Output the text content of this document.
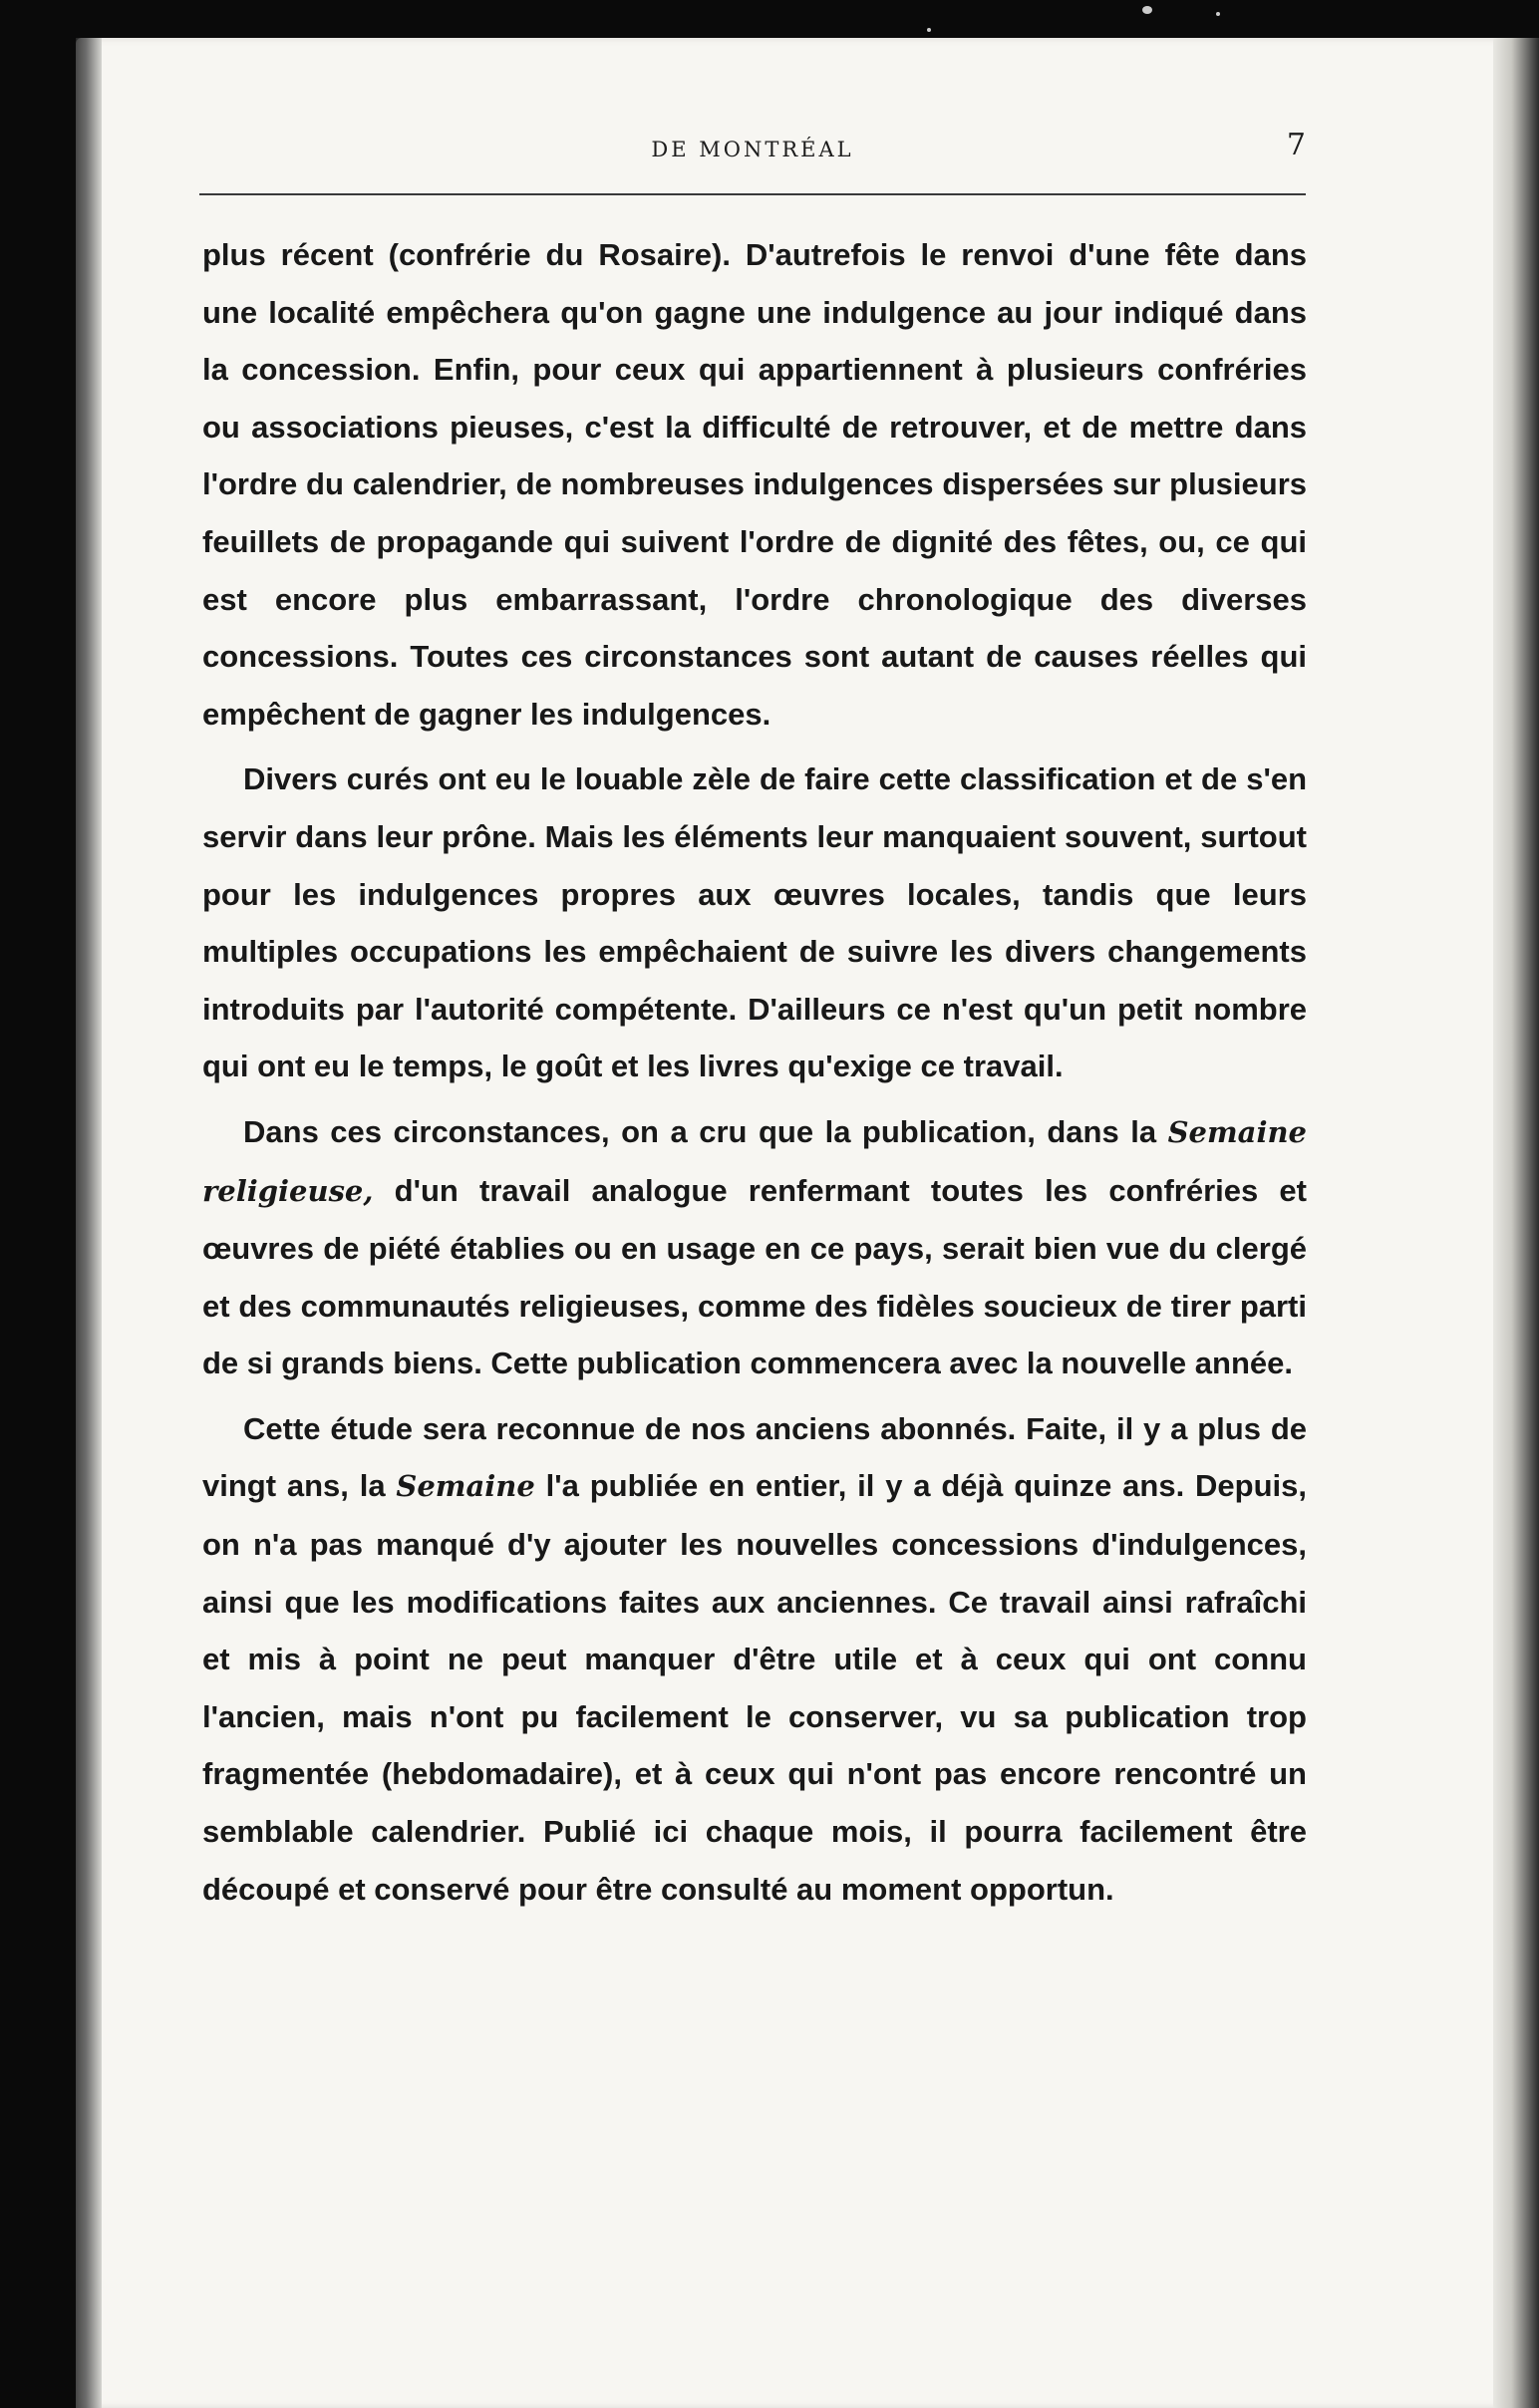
DE MONTRÉAL	7

plus récent (confrérie du Rosaire). D'autrefois le renvoi d'une fête dans une localité empêchera qu'on gagne une indulgence au jour indiqué dans la concession. Enfin, pour ceux qui appartiennent à plusieurs confréries ou associations pieuses, c'est la difficulté de retrouver, et de mettre dans l'ordre du calendrier, de nombreuses indulgences dispersées sur plusieurs feuillets de propagande qui suivent l'ordre de dignité des fêtes, ou, ce qui est encore plus embarrassant, l'ordre chronologique des diverses concessions. Toutes ces circonstances sont autant de causes réelles qui empêchent de gagner les indulgences.

Divers curés ont eu le louable zèle de faire cette classification et de s'en servir dans leur prône. Mais les éléments leur manquaient souvent, surtout pour les indulgences propres aux œuvres locales, tandis que leurs multiples occupations les empêchaient de suivre les divers changements introduits par l'autorité compétente. D'ailleurs ce n'est qu'un petit nombre qui ont eu le temps, le goût et les livres qu'exige ce travail.

Dans ces circonstances, on a cru que la publication, dans la Semaine religieuse, d'un travail analogue renfermant toutes les confréries et œuvres de piété établies ou en usage en ce pays, serait bien vue du clergé et des communautés religieuses, comme des fidèles soucieux de tirer parti de si grands biens. Cette publication commencera avec la nouvelle année.

Cette étude sera reconnue de nos anciens abonnés. Faite, il y a plus de vingt ans, la Semaine l'a publiée en entier, il y a déjà quinze ans. Depuis, on n'a pas manqué d'y ajouter les nouvelles concessions d'indulgences, ainsi que les modifications faites aux anciennes. Ce travail ainsi rafraîchi et mis à point ne peut manquer d'être utile et à ceux qui ont connu l'ancien, mais n'ont pu facilement le conserver, vu sa publication trop fragmentée (hebdomadaire), et à ceux qui n'ont pas encore rencontré un semblable calendrier. Publié ici chaque mois, il pourra facilement être découpé et conservé pour être consulté au moment opportun.
